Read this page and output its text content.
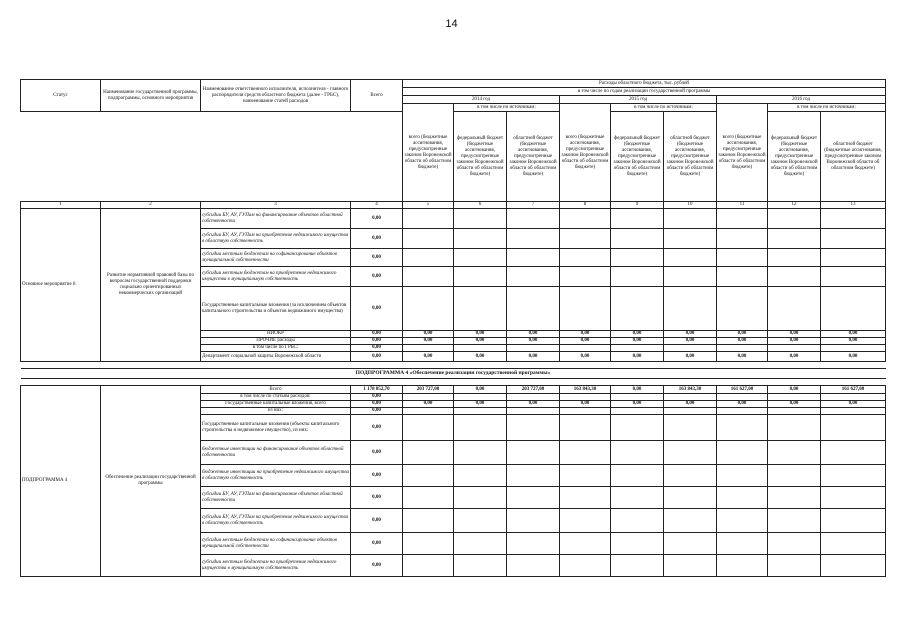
14
Статус	Наименование государственной программы, подпрограммы, основного мероприятия	Наименование ответственного исполнителя, исполнителя - главного распорядителя средств областного бюджета (далее - ГРБС), наименование статей расходов	Всего	Расходы областного бюджета, тыс. рублей								
				в том числе по годам реализации государственной программы								
				2014 год			2015 год			2016 год		
				всего (бюджетные ассигнования, предусмотренные законом Воронежской области об областном бюджете)	в том числе по источникам:		всего (бюджетные ассигнования, предусмотренные законом Воронежской области об областном бюджете)	в том числе по источникам:		всего (бюджетные ассигнования, предусмотренные законом Воронежской области об областном бюджете)	в том числе по источникам:	
					федеральный бюджет (бюджетные ассигнования, предусмотренные законом Воронежской области об областном бюджете)	областной бюджет (бюджетные ассигнования, предусмотренные законом Воронежской области об областном бюджете)		федеральный бюджет (бюджетные ассигнования, предусмотренные законом Воронежской области об областном бюджете)	областной бюджет (бюджетные ассигнования, предусмотренные законом Воронежской области об областном бюджете)		федеральный бюджет (бюджетные ассигнования, предусмотренные законом Воронежской области об областном бюджете)	областной бюджет (бюджетные ассигнования, предусмотренные законом Воронежской области об областном бюджете)
1	2	3	4	5	6	7	8	9	10	11	12	13
Основное мероприятие 8	Развитие нормативной правовой базы по вопросам государственной поддержки социально ориентированных некоммерческих организаций	субсидии БУ, АУ, ГУПам на финансирование объектов областной собственности	0,00									
		субсидии БУ, АУ, ГУПам на приобретение недвижимого имущества в областную собственность	0,00									
		субсидии местным бюджетам на софинансирование объектов муниципальной собственности	0,00									
		субсидии местным бюджетам на приобретение недвижимого имущества в муниципальную собственность	0,00									
		Государственные капитальные вложения (за исключением объектов капитального строительства и объектов недвижимого имущества)	0,00									
		НИОКР	0,00	0,00	0,00	0,00	0,00	0,00	0,00	0,00	0,00	0,00
		ПРОЧИЕ расходы	0,00	0,00	0,00	0,00	0,00	0,00	0,00	0,00	0,00	0,00
		в том числе по ГРБС:	0,00									
		Департамент социальной защиты Воронежской области	0,00	0,00	0,00	0,00	0,00	0,00	0,00	0,00	0,00	0,00

ПОДПРОГРАММА 4 «Обеспечение реализации государственной программы»												

ПОДПРОГРАММА 4	Обеспечение реализации государственной программы	Всего	1 178 852,70	203 727,00	0,00	203 727,00	163 843,30	0,00	163 843,30	161 627,00	0,00	161 627,00
		в том числе по статьям расходов:	0,00									
		Государственные капитальные вложения, всего	0,00	0,00	0,00	0,00	0,00	0,00	0,00	0,00	0,00	0,00
		из них:	0,00									
		Государственные капитальные вложения (объекты капитального строительства и недвижимое имущество), из них:	0,00									
		бюджетные инвестиции на финансирование объектов областной собственности	0,00									
		бюджетные инвестиции на приобретение недвижимого имущества в областную собственность	0,00									
		субсидии БУ, АУ, ГУПам на финансирование объектов областной собственности	0,00									
		субсидии БУ, АУ, ГУПам на приобретение недвижимого имущества в областную собственность	0,00									
		субсидии местным бюджетам на софинансирование объектов муниципальной собственности	0,00									
		субсидии местным бюджетам на приобретение недвижимого имущества в муниципальную собственность	0,00									
